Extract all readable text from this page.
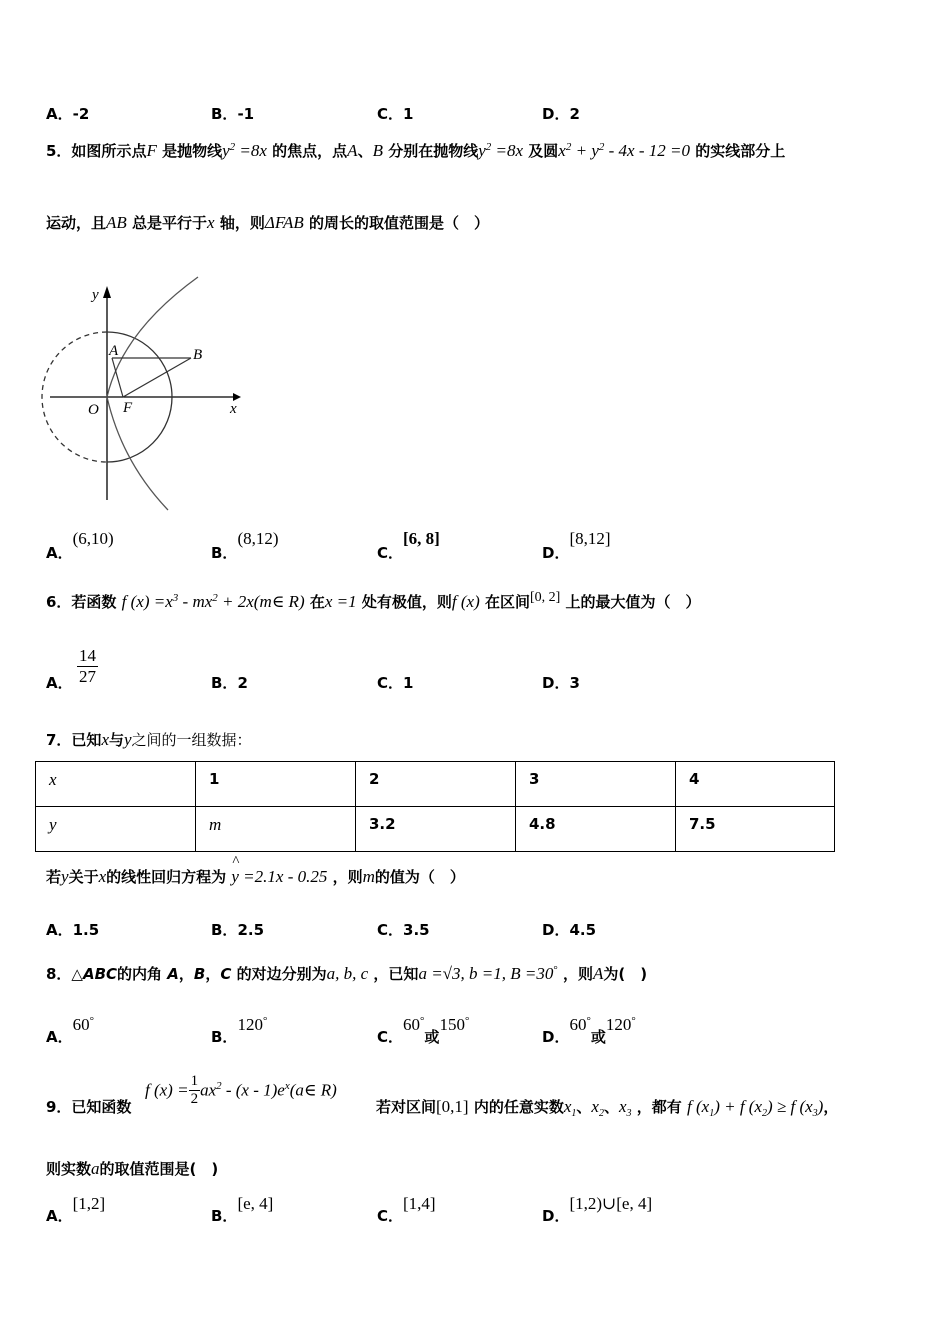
A．-2	B．-1	C．1	D．2
5．如图所示点F 是抛物线$y^2 =8x$ 的焦点，点A、B 分别在抛物线$y^2 =8x$ 及圆$x^2 + y^2 - 4x - 12 =0$ 的实线部分上
运动，且AB 总是平行于x 轴，则ΔFAB 的周长的取值范围是（　）
y
x
O F
A	B
A．(6,10)
B．(8,12)
C．[6, 8]
D．[8,12]
6．若函数 f $(x) =x^3 - mx^2$ + 2x(m∈ R) 在x =1 处有极值，则f (x) 在区间[0, 2] 上的最大值为（　）
A． $\frac{14}{27}$	B．2	C．1	D．3
7．已知x与y之间的一组数据：
x	1	2	3	4
y	m	3.2	4.8	7.5
若y关于x的线性回归方程为
^
y =2.1x - 0.25 ，则m的值为（　）
A．1.5	B．2.5	C．3.5	D．4.5
8．△ABC的内角 A，B，C 的对边分别为a, b, c ，已知a =√3, b =1, B =30° ，则A为(　)
A．60°
B．120°
C．60°或150°
D．60°或120°
9．已知函数
f $(x) = \frac{1}{2} ax^2 - (x$ - $1)e^x(a\in$ R)
若对区间[0,1] 内的任意实数$x_1$、$x_2$、$x_3$ ，都有 f $(x_1) + f$ $(x_2) \ge f$ $(x_3)$，
则实数a的取值范围是(　)
A．[1,2]
B．[e, 4]
C．[1,4]
D．[1,2)∪[e, 4]
